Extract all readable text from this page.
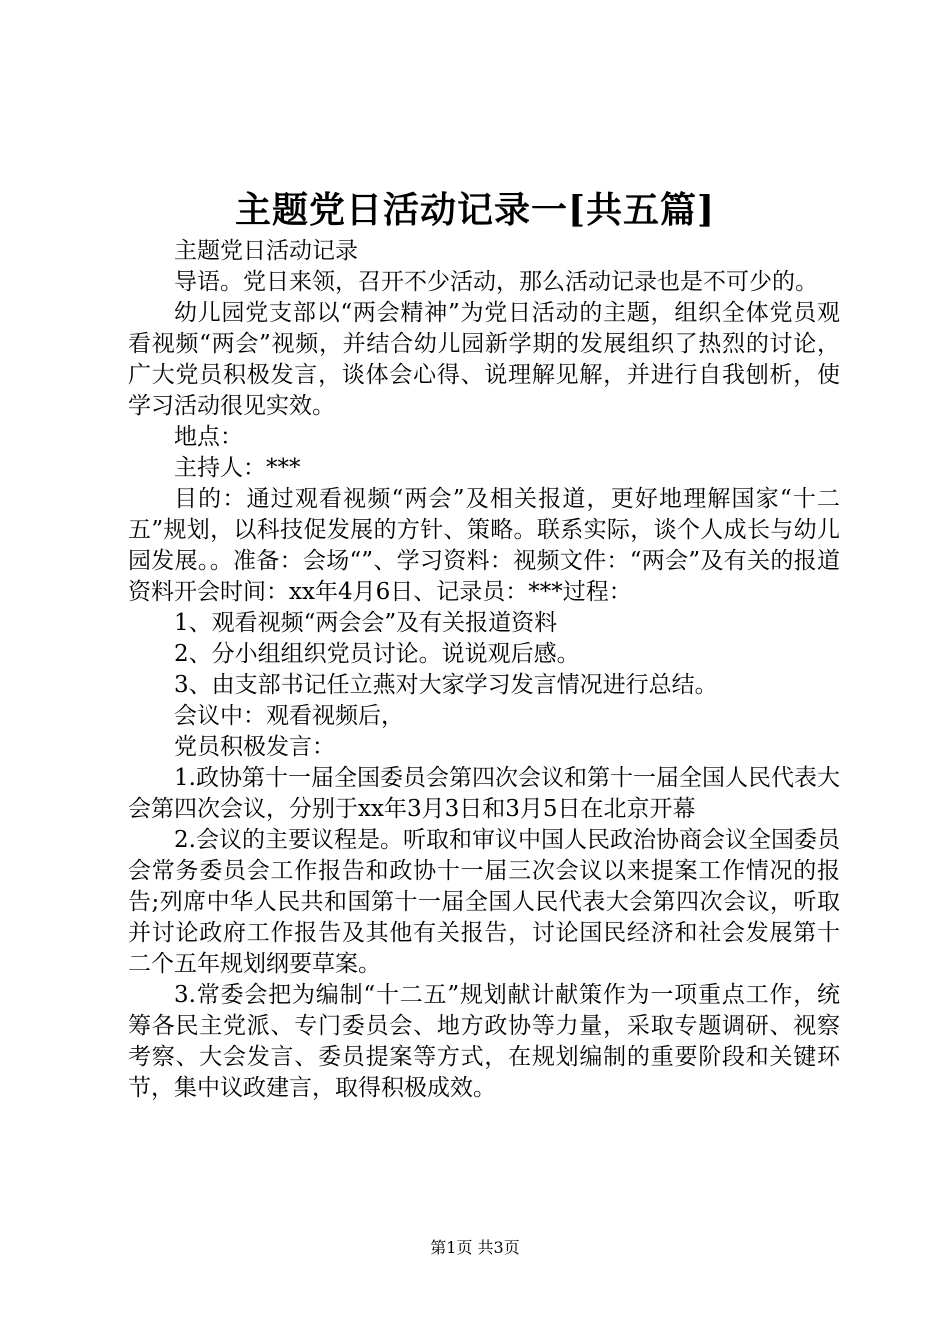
主题党日活动记录一[共五篇]

主题党日活动记录

导语。党日来领，召开不少活动，那么活动记录也是不可少的。

幼儿园党支部以“两会精神”为党日活动的主题，组织全体党员观看视频“两会”视频，并结合幼儿园新学期的发展组织了热烈的讨论，广大党员积极发言，谈体会心得、说理解见解，并进行自我刨析，使学习活动很见实效。

地点：

主持人：***

目的：通过观看视频“两会”及相关报道，更好地理解国家“十二五”规划，以科技促发展的方针、策略。联系实际，谈个人成长与幼儿园发展。。准备：会场“”、学习资料：视频文件：“两会”及有关的报道资料开会时间：xx年4月6日、记录员：***过程：

1、观看视频“两会会”及有关报道资料

2、分小组组织党员讨论。说说观后感。

3、由支部书记任立燕对大家学习发言情况进行总结。

会议中：观看视频后，

党员积极发言：

1.政协第十一届全国委员会第四次会议和第十一届全国人民代表大会第四次会议，分别于xx年3月3日和3月5日在北京开幕

2.会议的主要议程是。听取和审议中国人民政治协商会议全国委员会常务委员会工作报告和政协十一届三次会议以来提案工作情况的报告;列席中华人民共和国第十一届全国人民代表大会第四次会议，听取并讨论政府工作报告及其他有关报告，讨论国民经济和社会发展第十二个五年规划纲要草案。

3.常委会把为编制“十二五”规划献计献策作为一项重点工作，统筹各民主党派、专门委员会、地方政协等力量，采取专题调研、视察考察、大会发言、委员提案等方式，在规划编制的重要阶段和关键环节，集中议政建言，取得积极成效。

第1页 共3页
